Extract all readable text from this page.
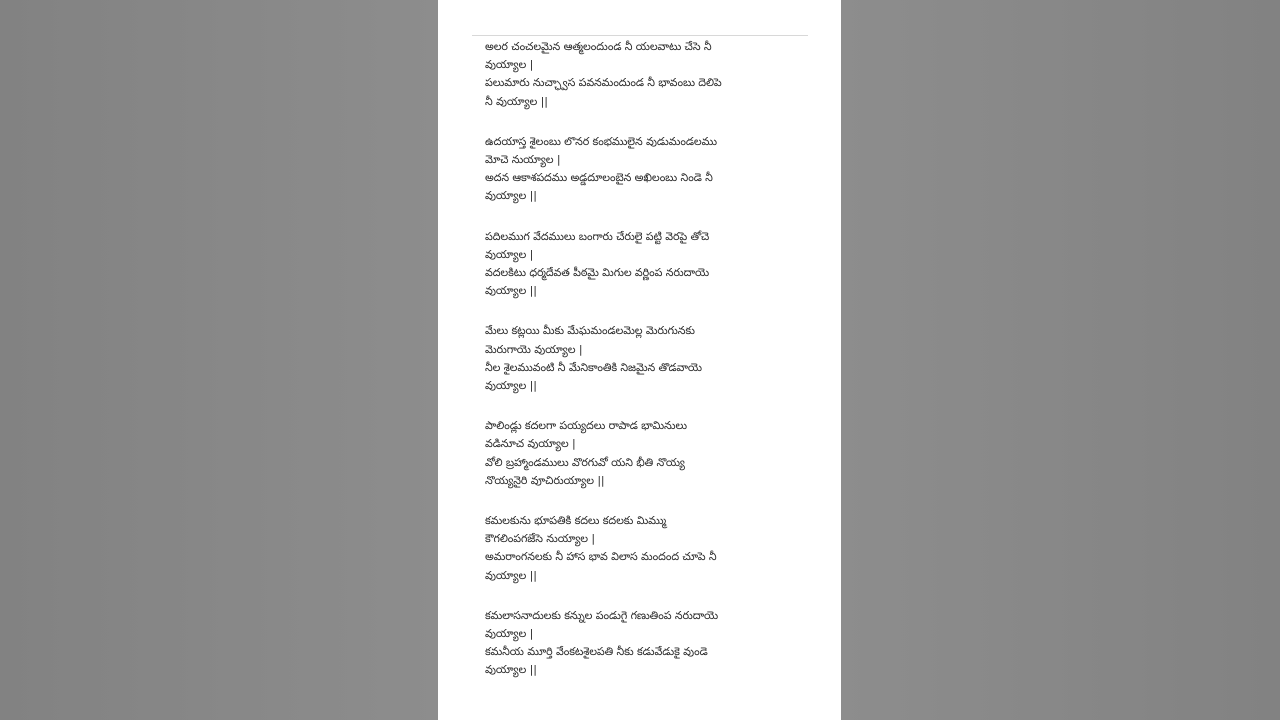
అలర చంచలమైన ఆత్మలందుండ నీ యలవాటు చేసె నీ
వుయ్యాల |
పలుమారు నుచ్ఛ్వాస పవనమందుండ నీ భావంబు దెలిపె
నీ వుయ్యాల ||
ఉదయాస్త శైలంబు లొనర కంభములైన వుడుమండలము
మోచె నుయ్యాల |
అదన ఆకాశపదము అడ్డదూలంబైన అఖిలంబు నిండె నీ
వుయ్యాల ||
పదిలముగ వేదములు బంగారు చేరులై పట్టి వెరపై తోచె
వుయ్యాల |
వదలకిటు ధర్మదేవత పీఠమై మిగుల వర్ణింప నరుదాయె
వుయ్యాల ||
మేలు కట్లయి మీకు మేఘమండలమెల్ల మెరుగునకు
మెరుగాయె వుయ్యాల |
నీల శైలమువంటి నీ మేనికాంతికి నిజమైన తొడవాయె
వుయ్యాల ||
పాలిండ్లు కదలగా పయ్యదలు రాపాడ భామినులు
వడినూచ వుయ్యాల |
వోలి బ్రహ్మాండములు వొరగువో యని భీతి నొయ్య
నొయ్యనైరి వూచిరుయ్యాల ||
కమలకును భూపతికి కదలు కదలకు మిమ్ము
కౌగలింపగజేసె నుయ్యాల |
అమరాంగనలకు నీ హాస భావ విలాస మందంద చూపె నీ
వుయ్యాల ||
కమలాసనాదులకు కన్నుల పండుగై గణుతింప నరుదాయె
వుయ్యాల |
కమనీయ మూర్తి వేంకటశైలపతి నీకు కడువేడుకై వుండె
వుయ్యాల ||
